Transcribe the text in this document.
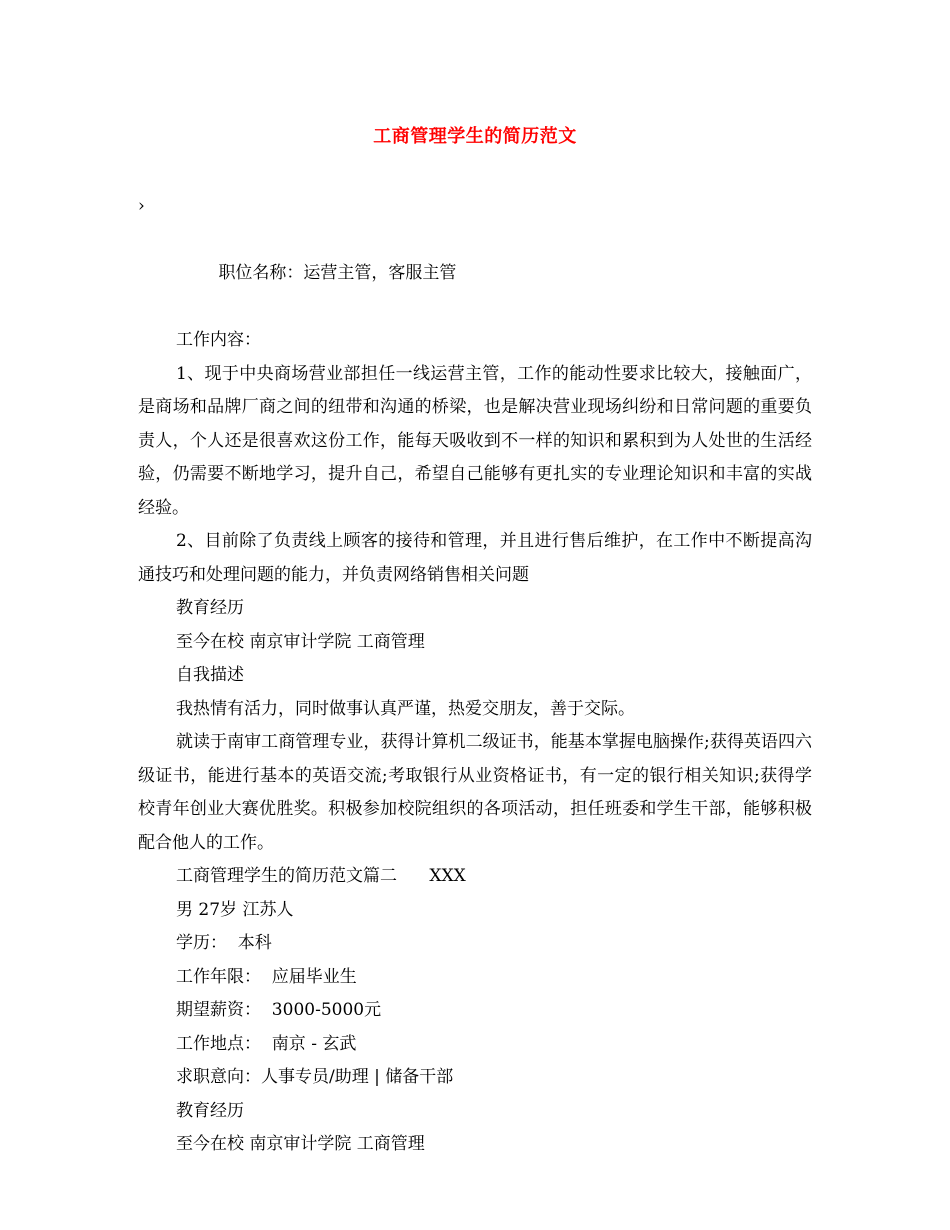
工商管理学生的简历范文

›

职位名称：运营主管，客服主管

工作内容：

1、现于中央商场营业部担任一线运营主管，工作的能动性要求比较大，接触面广，是商场和品牌厂商之间的纽带和沟通的桥梁，也是解决营业现场纠纷和日常问题的重要负责人，个人还是很喜欢这份工作，能每天吸收到不一样的知识和累积到为人处世的生活经验，仍需要不断地学习，提升自己，希望自己能够有更扎实的专业理论知识和丰富的实战经验。

2、目前除了负责线上顾客的接待和管理，并且进行售后维护，在工作中不断提高沟通技巧和处理问题的能力，并负责网络销售相关问题

教育经历

至今在校 南京审计学院 工商管理

自我描述

我热情有活力，同时做事认真严谨，热爱交朋友，善于交际。

就读于南审工商管理专业，获得计算机二级证书，能基本掌握电脑操作;获得英语四六级证书，能进行基本的英语交流;考取银行从业资格证书，有一定的银行相关知识;获得学校青年创业大赛优胜奖。积极参加校院组织的各项活动，担任班委和学生干部，能够积极配合他人的工作。

工商管理学生的简历范文篇二      XXX

男 27岁 江苏人

学历：  本科

工作年限：  应届毕业生

期望薪资：  3000-5000元

工作地点：  南京 - 玄武

求职意向：人事专员/助理 | 储备干部

教育经历

至今在校 南京审计学院 工商管理
